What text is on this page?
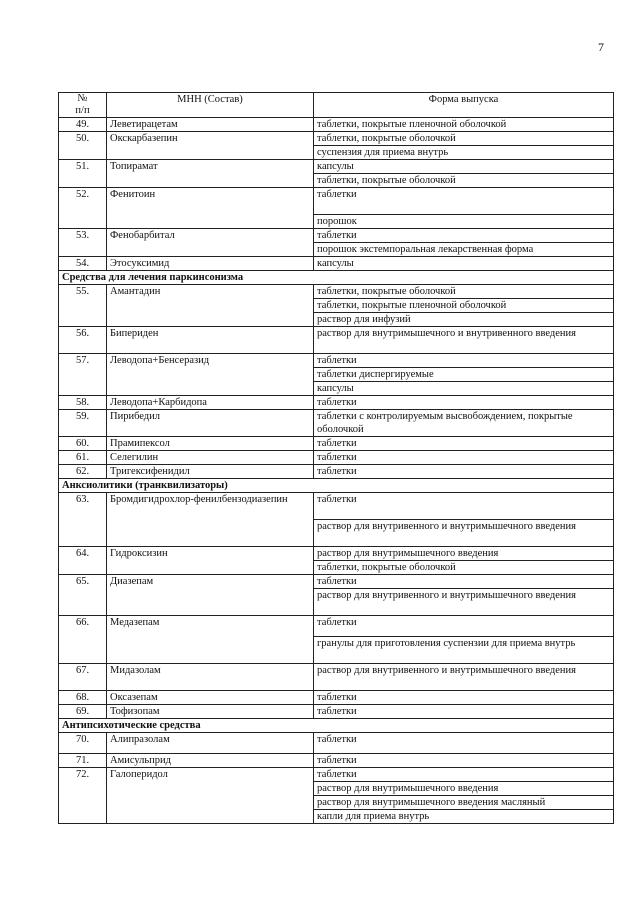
7
№
п/п	МНН (Состав)	Форма выпуска
49.	Леветирацетам	таблетки, покрытые пленочной оболочкой
50.	Окскарбазепин	таблетки, покрытые оболочкой
		суспензия для приема внутрь
51.	Топирамат	капсулы
		таблетки, покрытые оболочкой
52.	Фенитоин	таблетки
		порошок
53.	Фенобарбитал	таблетки
		порошок экстемпоральная лекарственная форма
54.	Этосуксимид	капсулы
Средства для лечения паркинсонизма		
55.	Амантадин	таблетки, покрытые оболочкой
		таблетки, покрытые пленочной оболочкой
		раствор для инфузий
56.	Бипериден	раствор для внутримышечного и внутривенного введения
57.	Леводопа+Бенсеразид	таблетки
		таблетки диспергируемые
		капсулы
58.	Леводопа+Карбидопа	таблетки
59.	Пирибедил	таблетки с контролируемым высвобождением, покрытые оболочкой
60.	Прамипексол	таблетки
61.	Селегилин	таблетки
62.	Тригексифенидил	таблетки
Анксиолитики (транквилизаторы)		
63.	Бромдигидрохлор-фенилбензодиазепин	таблетки
		раствор для внутривенного и внутримышечного введения
64.	Гидроксизин	раствор для внутримышечного введения
		таблетки, покрытые оболочкой
65.	Диазепам	таблетки
		раствор для внутривенного и внутримышечного введения
66.	Медазепам	таблетки
		гранулы для приготовления суспензии для приема внутрь
67.	Мидазолам	раствор для внутривенного и внутримышечного введения
68.	Оксазепам	таблетки
69.	Тофизопам	таблетки
Антипсихотические средства		
70.	Алипразолам	таблетки
71.	Амисульприд	таблетки
72.	Галоперидол	таблетки
		раствор для внутримышечного введения
		раствор для внутримышечного введения масляный
		капли для приема внутрь
